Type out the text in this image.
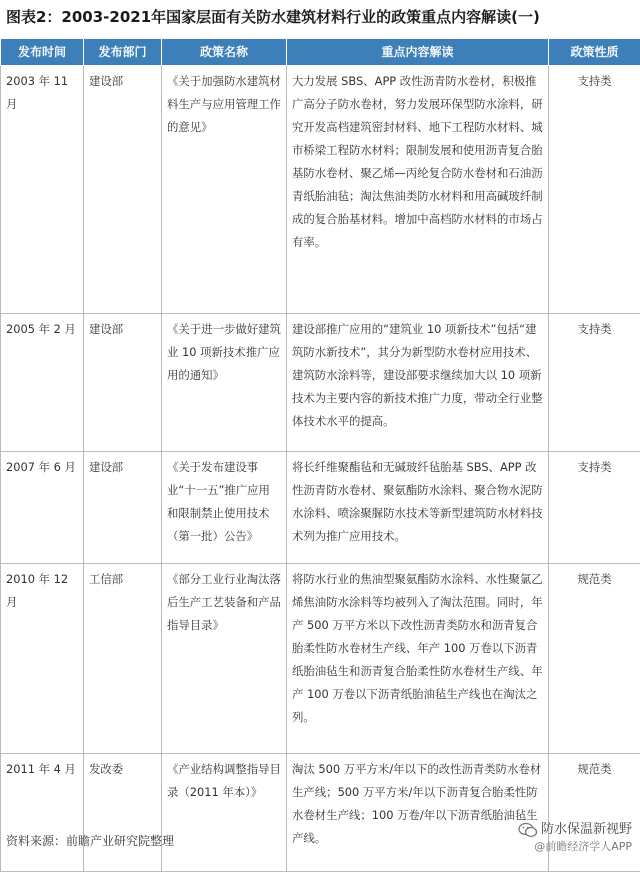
图表2：2003-2021年国家层面有关防水建筑材料行业的政策重点内容解读(一)
发布时间	发布部门	政策名称	重点内容解读	政策性质
2003 年 11 月	建设部	《关于加强防水建筑材料生产与应用管理工作的意见》	大力发展 SBS、APP 改性沥青防水卷材，积极推广高分子防水卷材，努力发展环保型防水涂料，研究开发高档建筑密封材料、地下工程防水材料、城市桥梁工程防水材料；限制发展和使用沥青复合胎基防水卷材、聚乙烯—丙纶复合防水卷材和石油沥青纸胎油毡；淘汰焦油类防水材料和用高碱玻纤制成的复合胎基材料。增加中高档防水材料的市场占有率。	支持类
2005 年 2 月	建设部	《关于进一步做好建筑业 10 项新技术推广应用的通知》	建设部推广应用的“建筑业 10 项新技术”包括“建筑防水新技术”，其分为新型防水卷材应用技术、建筑防水涂料等，建设部要求继续加大以 10 项新技术为主要内容的新技术推广力度，带动全行业整体技术水平的提高。	支持类
2007 年 6 月	建设部	《关于发布建设事业“十一五”推广应用和限制禁止使用技术（第一批）公告》	将长纤维聚酯毡和无碱玻纤毡胎基 SBS、APP 改性沥青防水卷材、聚氨酯防水涂料、聚合物水泥防水涂料、喷涂聚脲防水技术等新型建筑防水材料技术列为推广应用技术。	支持类
2010 年 12 月	工信部	《部分工业行业淘汰落后生产工艺装备和产品指导目录》	将防水行业的焦油型聚氨酯防水涂料、水性聚氯乙烯焦油防水涂料等均被列入了淘汰范围。同时，年产 500 万平方米以下改性沥青类防水和沥青复合胎柔性防水卷材生产线、年产 100 万卷以下沥青纸胎油毡生和沥青复合胎柔性防水卷材生产线、年产 100 万卷以下沥青纸胎油毡生产线也在淘汰之列。	规范类
2011 年 4 月	发改委	《产业结构调整指导目录（2011 年本）》	淘汰 500 万平方米/年以下的改性沥青类防水卷材生产线；500 万平方米/年以下沥青复合胎柔性防水卷材生产线；100 万卷/年以下沥青纸胎油毡生产线。	规范类
资料来源：前瞻产业研究院整理
防水保温新视野
@前瞻经济学人APP
